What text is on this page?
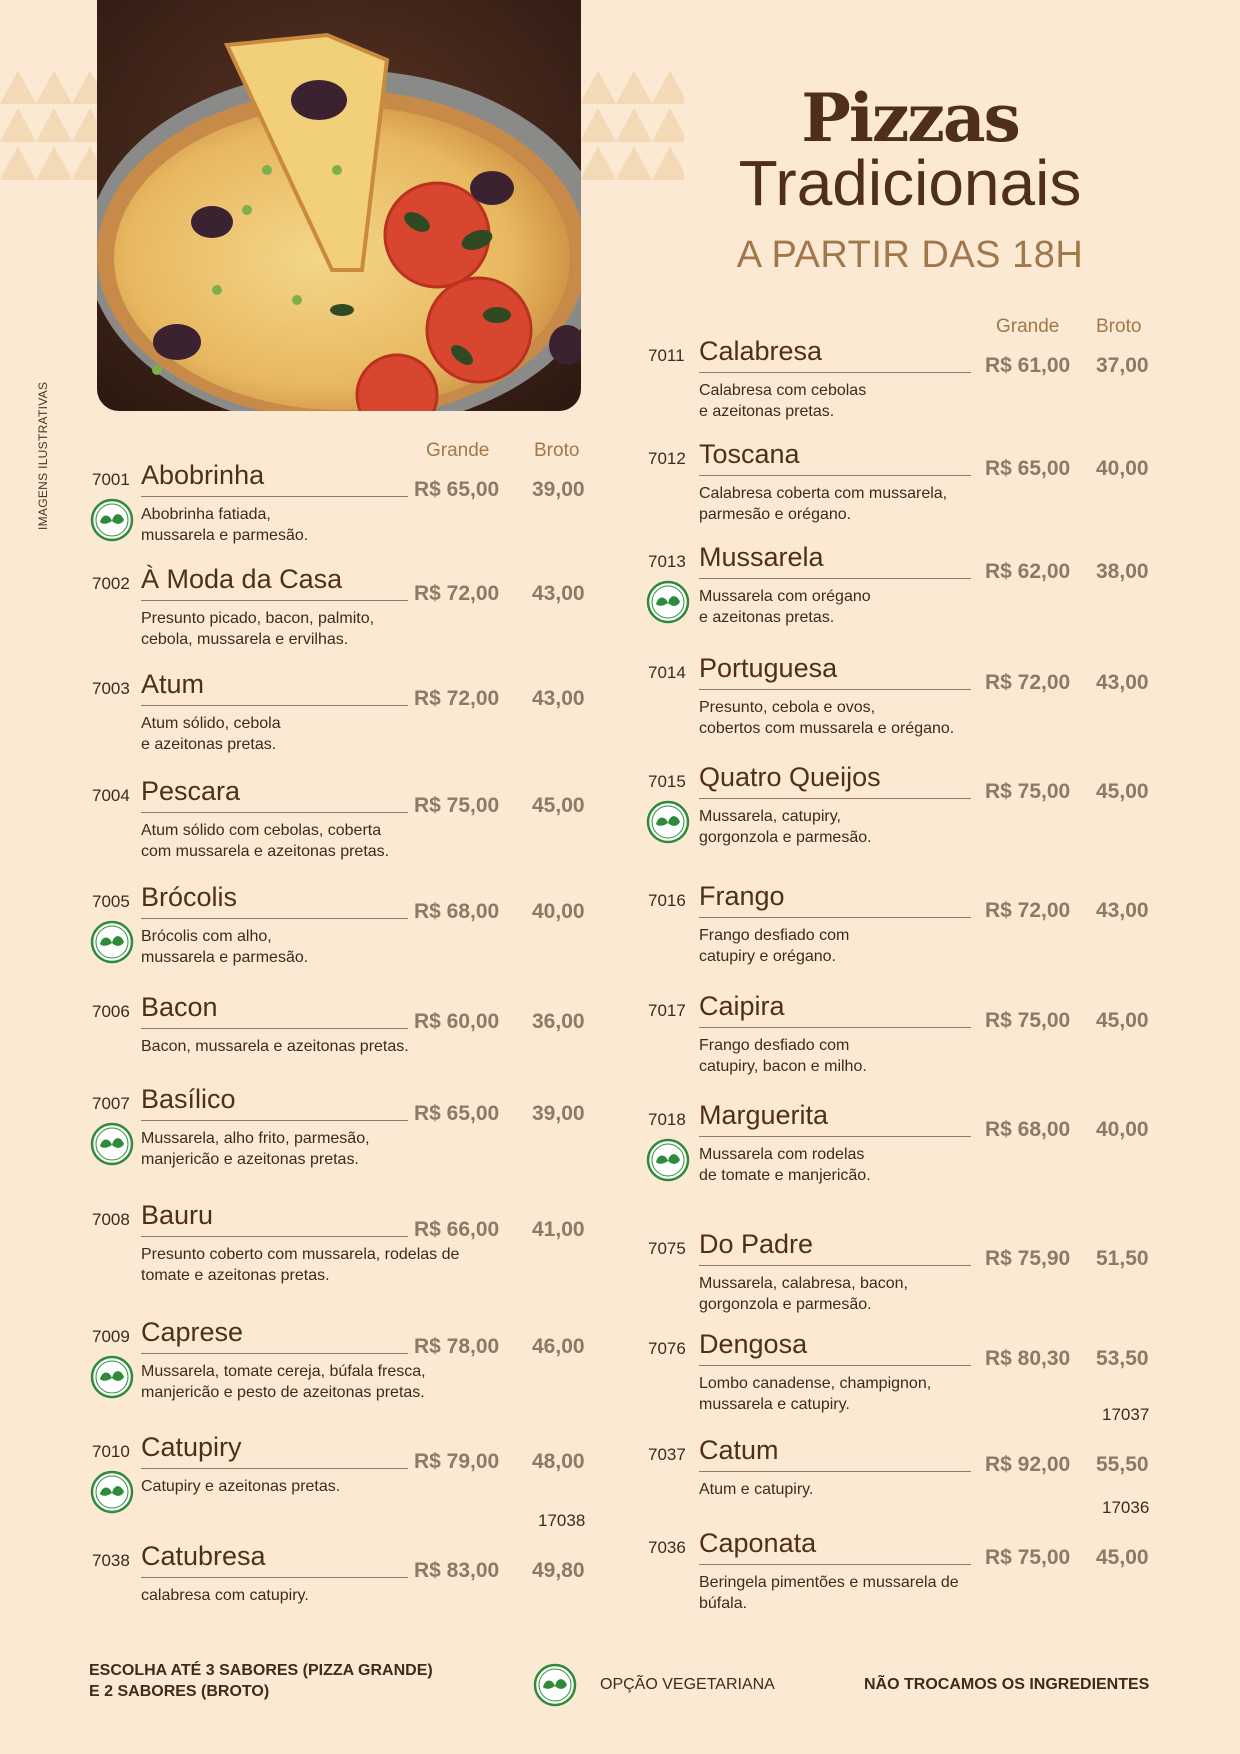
IMAGENS ILUSTRATIVAS
Pizzas
Tradicionais
A PARTIR DAS 18H
Grande Broto
Grande Broto
7001 Abobrinha	R$ 65,00 39,00
Abobrinha fatiada,
mussarela e parmesão.
7002 À Moda da Casa	R$ 72,00 43,00
Presunto picado, bacon, palmito,
cebola, mussarela e ervilhas.
7003 Atum	R$ 72,00 43,00
Atum sólido, cebola
e azeitonas pretas.
7004 Pescara	R$ 75,00 45,00
Atum sólido com cebolas, coberta
com mussarela e azeitonas pretas.
7005 Brócolis	R$ 68,00 40,00
Brócolis com alho,
mussarela e parmesão.
7006 Bacon	R$ 60,00 36,00
Bacon, mussarela e azeitonas pretas.
7007 Basílico	R$ 65,00 39,00
Mussarela, alho frito, parmesão,
manjericão e azeitonas pretas.
7008 Bauru	R$ 66,00 41,00
Presunto coberto com mussarela, rodelas de
tomate e azeitonas pretas.
7009 Caprese	R$ 78,00 46,00
Mussarela, tomate cereja, búfala fresca,
manjericão e pesto de azeitonas pretas.
7010 Catupiry	R$ 79,00 48,00
Catupiry e azeitonas pretas.
7038 Catubresa	R$ 83,00 49,80
calabresa com catupiry.
17038
7011 Calabresa	R$ 61,00 37,00
Calabresa com cebolas
e azeitonas pretas.
7012 Toscana	R$ 65,00 40,00
Calabresa coberta com mussarela,
parmesão e orégano.
7013 Mussarela	R$ 62,00 38,00
Mussarela com orégano
e azeitonas pretas.
7014 Portuguesa	R$ 72,00 43,00
Presunto, cebola e ovos,
cobertos com mussarela e orégano.
7015 Quatro Queijos	R$ 75,00 45,00
Mussarela, catupiry,
gorgonzola e parmesão.
7016 Frango	R$ 72,00 43,00
Frango desfiado com
catupiry e orégano.
7017 Caipira	R$ 75,00 45,00
Frango desfiado com
catupiry, bacon e milho.
7018 Marguerita	R$ 68,00 40,00
Mussarela com rodelas
de tomate e manjericão.
7075 Do Padre	R$ 75,90 51,50
Mussarela, calabresa, bacon,
gorgonzola e parmesão.
7076 Dengosa	R$ 80,30 53,50
Lombo canadense, champignon,
mussarela e catupiry.
7037 Catum	R$ 92,00 55,50
Atum e catupiry.
17037
7036 Caponata	R$ 75,00 45,00
Beringela pimentões e mussarela de
búfala.
17036
ESCOLHA ATÉ 3 SABORES (PIZZA GRANDE)
E 2 SABORES (BROTO)	OPÇÃO VEGETARIANA	NÃO TROCAMOS OS INGREDIENTES
